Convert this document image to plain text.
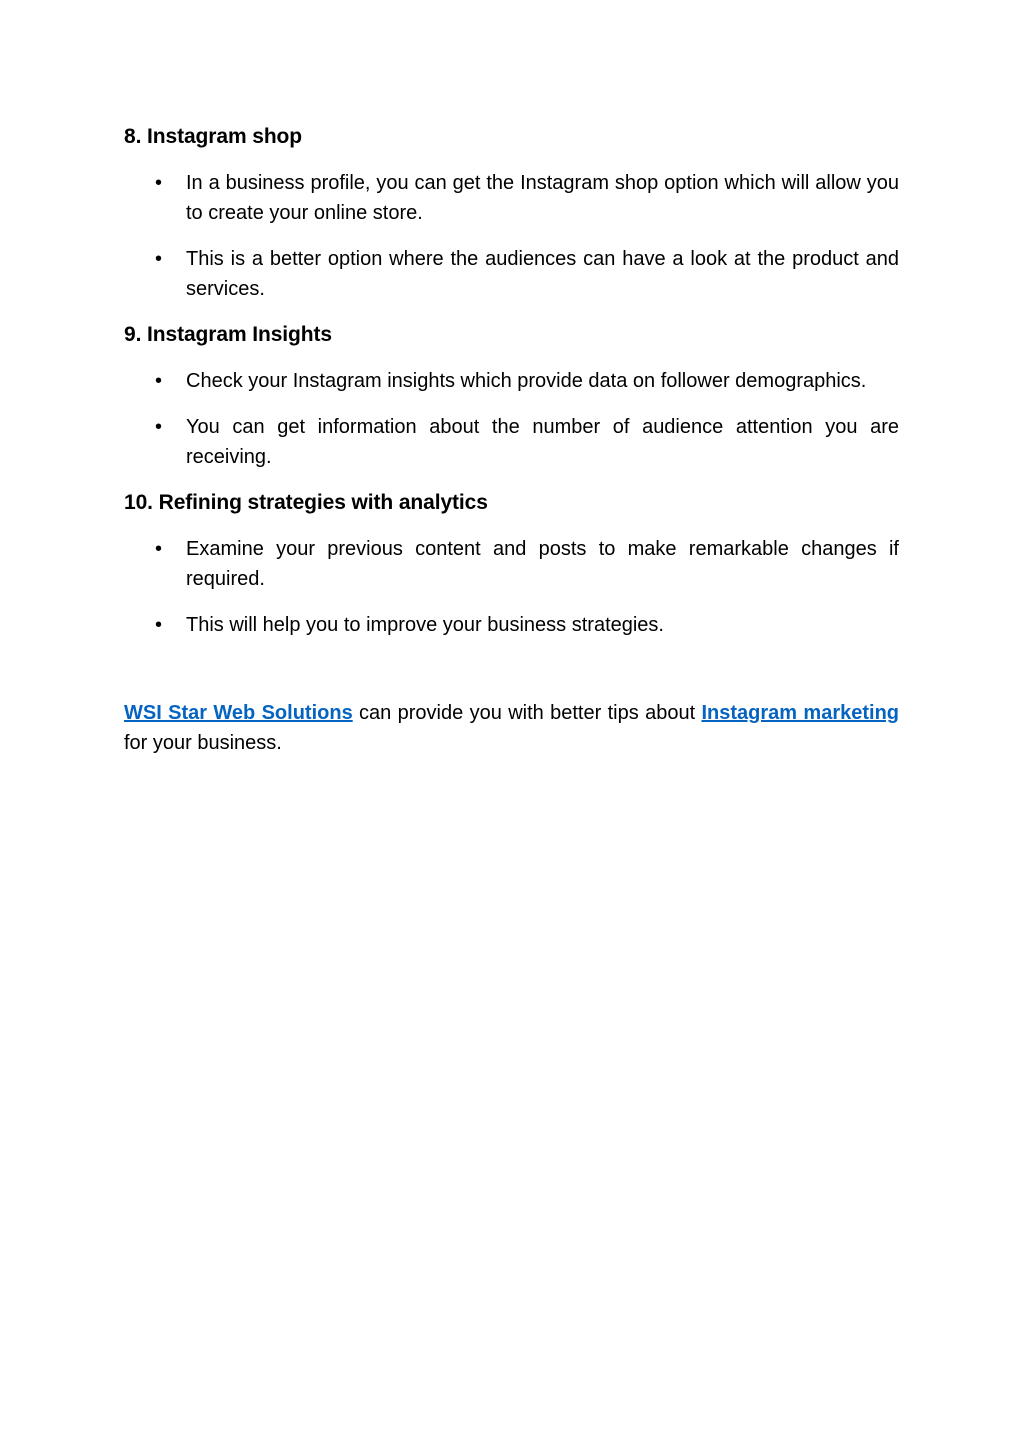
8. Instagram shop
• In a business profile, you can get the Instagram shop option which will allow you to create your online store.
• This is a better option where the audiences can have a look at the product and services.
9. Instagram Insights
• Check your Instagram insights which provide data on follower demographics.
• You can get information about the number of audience attention you are receiving.
10. Refining strategies with analytics
• Examine your previous content and posts to make remarkable changes if required.
• This will help you to improve your business strategies.

WSI Star Web Solutions can provide you with better tips about Instagram marketing for your business.
